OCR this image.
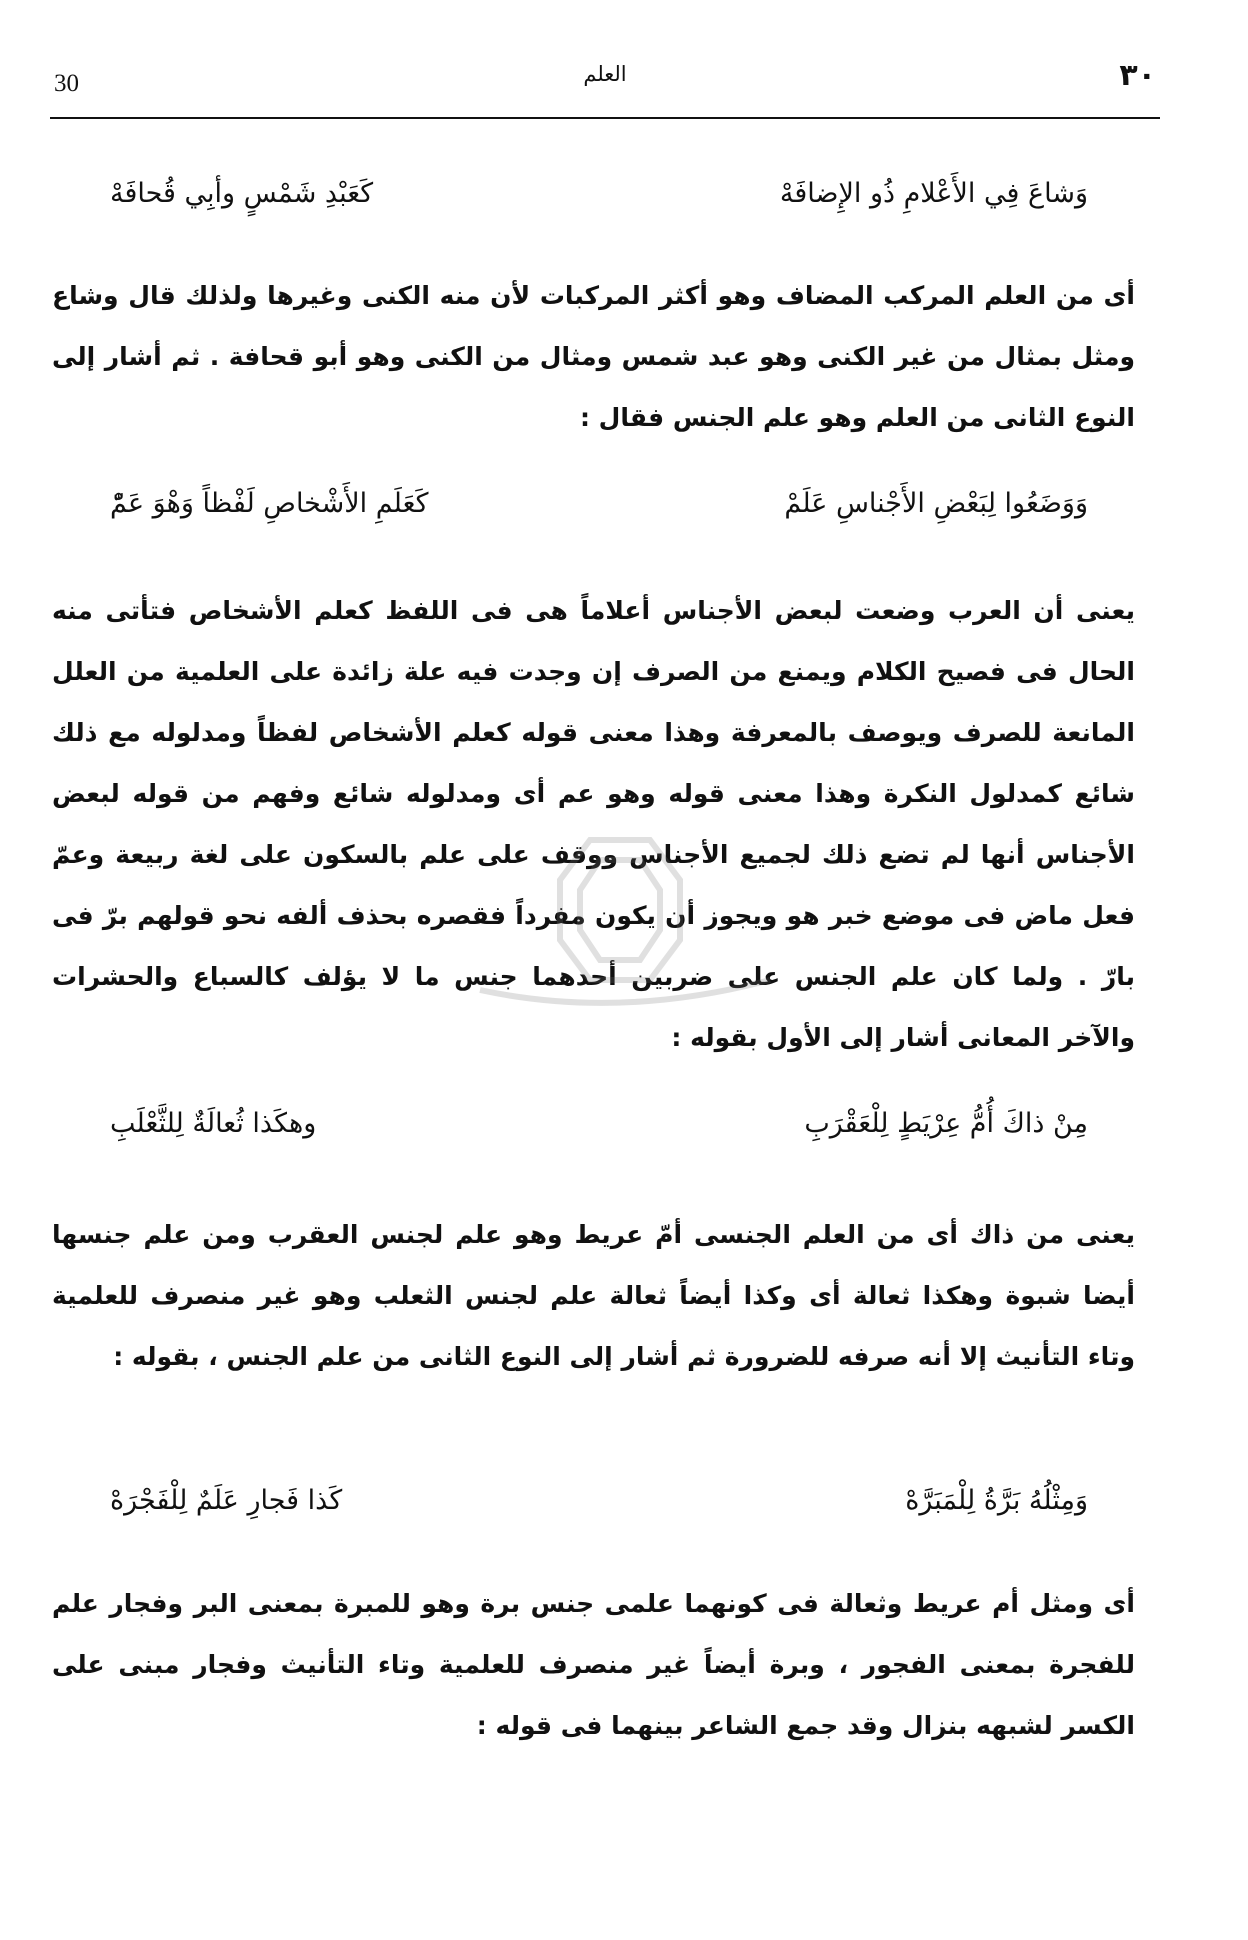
30	العلم	٣٠
وَشاعَ فِي الأَعْلامِ ذُو الإِضافَهْ
كَعَبْدِ شَمْسٍ وأبِي قُحافَهْ
أى من العلم المركب المضاف وهو أكثر المركبات لأن منه الكنى وغيرها ولذلك قال وشاع ومثل بمثال من غير الكنى وهو عبد شمس ومثال من الكنى وهو أبو قحافة . ثم أشار إلى النوع الثانى من العلم وهو علم الجنس فقال :
وَوَضَعُوا لِبَعْضِ الأَجْناسِ عَلَمْ
كَعَلَمِ الأَشْخاصِ لَفْظاً وَهْوَ عَمّْ
يعنى أن العرب وضعت لبعض الأجناس أعلاماً هى فى اللفظ كعلم الأشخاص فتأتى منه الحال فى فصيح الكلام ويمنع من الصرف إن وجدت فيه علة زائدة على العلمية من العلل المانعة للصرف ويوصف بالمعرفة وهذا معنى قوله كعلم الأشخاص لفظاً ومدلوله مع ذلك شائع كمدلول النكرة وهذا معنى قوله وهو عم أى ومدلوله شائع وفهم من قوله لبعض الأجناس أنها لم تضع ذلك لجميع الأجناس ووقف على علم بالسكون على لغة ربيعة وعمّ فعل ماض فى موضع خبر هو ويجوز أن يكون مفرداً فقصره بحذف ألفه نحو قولهم برّ فى بارّ . ولما كان علم الجنس على ضربين أحدهما جنس ما لا يؤلف كالسباع والحشرات والآخر المعانى أشار إلى الأول بقوله :
مِنْ ذاكَ أُمُّ عِرْيَطٍ لِلْعَقْرَبِ
وهكَذا ثُعالَةٌ لِلثَّعْلَبِ
يعنى من ذاك أى من العلم الجنسى أمّ عريط وهو علم لجنس العقرب ومن علم جنسها أيضا شبوة وهكذا ثعالة أى وكذا أيضاً ثعالة علم لجنس الثعلب وهو غير منصرف للعلمية وتاء التأنيث إلا أنه صرفه للضرورة ثم أشار إلى النوع الثانى من علم الجنس ، بقوله :
وَمِثْلُهُ بَرَّةُ لِلْمَبَرَّهْ
كَذا فَجارِ عَلَمٌ لِلْفَجْرَهْ
أى ومثل أم عريط وثعالة فى كونهما علمى جنس برة وهو للمبرة بمعنى البر وفجار علم للفجرة بمعنى الفجور ، وبرة أيضاً غير منصرف للعلمية وتاء التأنيث وفجار مبنى على الكسر لشبهه بنزال وقد جمع الشاعر بينهما فى قوله :
